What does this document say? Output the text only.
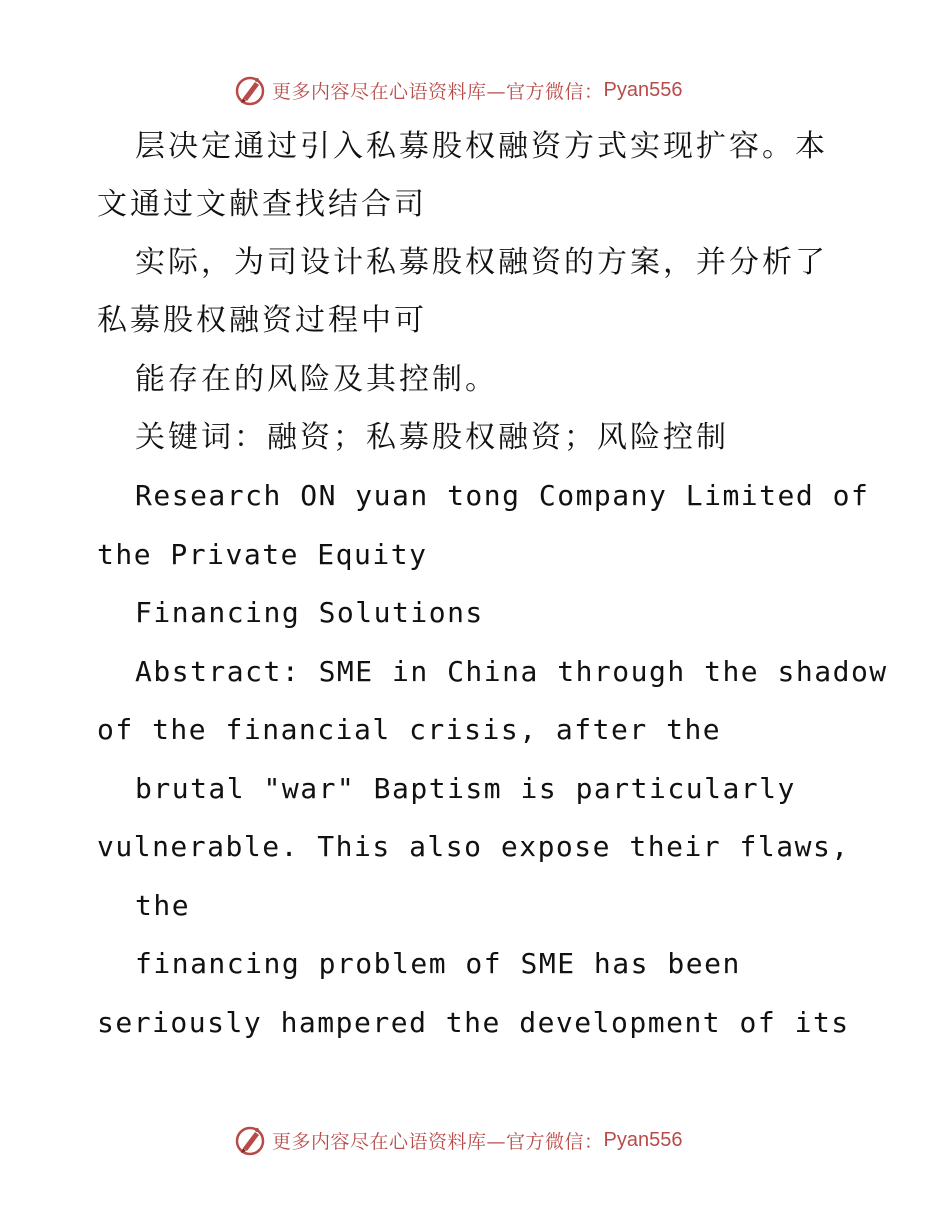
更多内容尽在心语资料库—官方微信： Pyan556
层决定通过引入私募股权融资方式实现扩容。本
文通过文献查找结合司
实际，为司设计私募股权融资的方案，并分析了
私募股权融资过程中可
能存在的风险及其控制。
关键词：融资；私募股权融资；风险控制
Research ON yuan tong Company Limited of
the Private Equity
Financing Solutions
Abstract: SME in China through the shadow
of the financial crisis, after the
brutal "war" Baptism is particularly
vulnerable. This also expose their flaws,
the
financing problem of SME has been
seriously hampered the development of its
更多内容尽在心语资料库—官方微信： Pyan556
